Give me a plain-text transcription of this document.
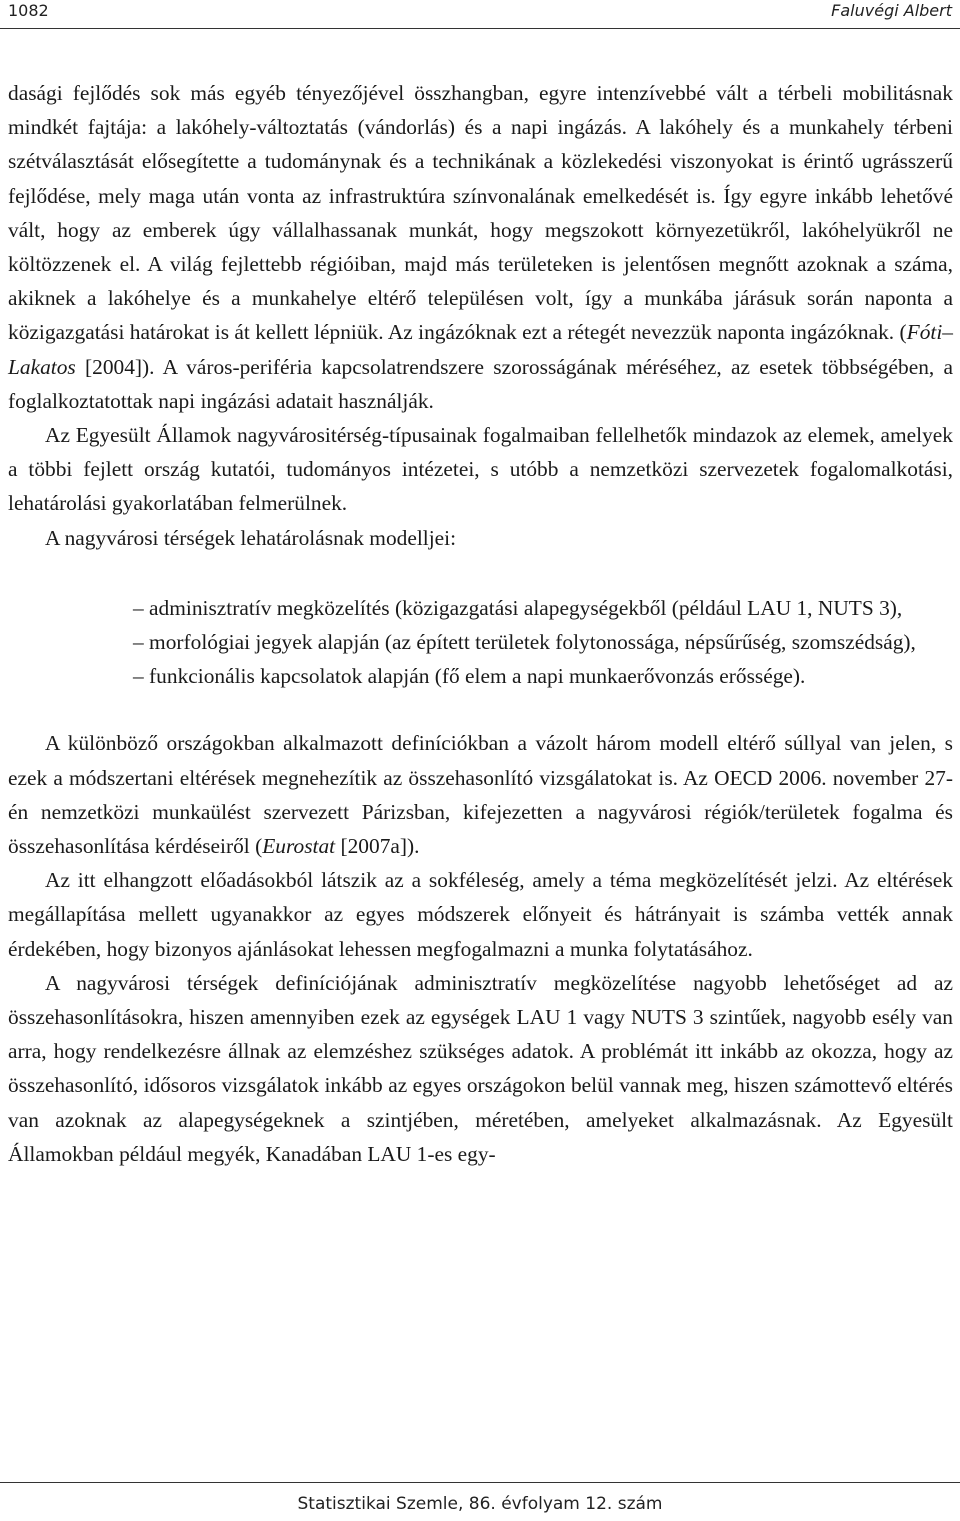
1082	Faluvégi Albert

dasági fejlődés sok más egyéb tényezőjével összhangban, egyre intenzívebbé vált a térbeli mobilitásnak mindkét fajtája: a lakóhely-változtatás (vándorlás) és a napi ingázás. A lakóhely és a munkahely térbeni szétválasztását elősegítette a tudománynak és a technikának a közlekedési viszonyokat is érintő ugrásszerű fejlődése, mely maga után vonta az infrastruktúra színvonalának emelkedését is. Így egyre inkább lehetővé vált, hogy az emberek úgy vállalhassanak munkát, hogy megszokott környezetükről, lakóhelyükről ne költözzenek el. A világ fejlettebb régióiban, majd más területeken is jelentősen megnőtt azoknak a száma, akiknek a lakóhelye és a munkahelye eltérő településen volt, így a munkába járásuk során naponta a közigazgatási határokat is át kellett lépniük. Az ingázóknak ezt a rétegét nevezzük naponta ingázóknak. (Fóti– Lakatos [2004]). A város-periféria kapcsolatrendszere szorosságának méréséhez, az esetek többségében, a foglalkoztatottak napi ingázási adatait használják.

Az Egyesült Államok nagyvárositérség-típusainak fogalmaiban fellelhetők mindazok az elemek, amelyek a többi fejlett ország kutatói, tudományos intézetei, s utóbb a nemzetközi szervezetek fogalomalkotási, lehatárolási gyakorlatában felmerülnek.

A nagyvárosi térségek lehatárolásnak modelljei:

– adminisztratív megközelítés (közigazgatási alapegységekből (például LAU 1, NUTS 3),

– morfológiai jegyek alapján (az épített területek folytonossága, népsűrűség, szomszédság),

– funkcionális kapcsolatok alapján (fő elem a napi munkaerővonzás erőssége).

A különböző országokban alkalmazott definíciókban a vázolt három modell eltérő súllyal van jelen, s ezek a módszertani eltérések megnehezítik az összehasonlító vizsgálatokat is. Az OECD 2006. november 27-én nemzetközi munkaülést szervezett Párizsban, kifejezetten a nagyvárosi régiók/területek fogalma és összehasonlítása kérdéseiről (Eurostat [2007a]).

Az itt elhangzott előadásokból látszik az a sokféleség, amely a téma megközelítését jelzi. Az eltérések megállapítása mellett ugyanakkor az egyes módszerek előnyeit és hátrányait is számba vették annak érdekében, hogy bizonyos ajánlásokat lehessen megfogalmazni a munka folytatásához.

A nagyvárosi térségek definíciójának adminisztratív megközelítése nagyobb lehetőséget ad az összehasonlításokra, hiszen amennyiben ezek az egységek LAU 1 vagy NUTS 3 szintűek, nagyobb esély van arra, hogy rendelkezésre állnak az elemzéshez szükséges adatok. A problémát itt inkább az okozza, hogy az összehasonlító, idősoros vizsgálatok inkább az egyes országokon belül vannak meg, hiszen számottevő eltérés van azoknak az alapegységeknek a szintjében, méretében, amelyeket alkalmazásnak. Az Egyesült Államokban például megyék, Kanadában LAU 1-es egy-

Statisztikai Szemle, 86. évfolyam 12. szám
